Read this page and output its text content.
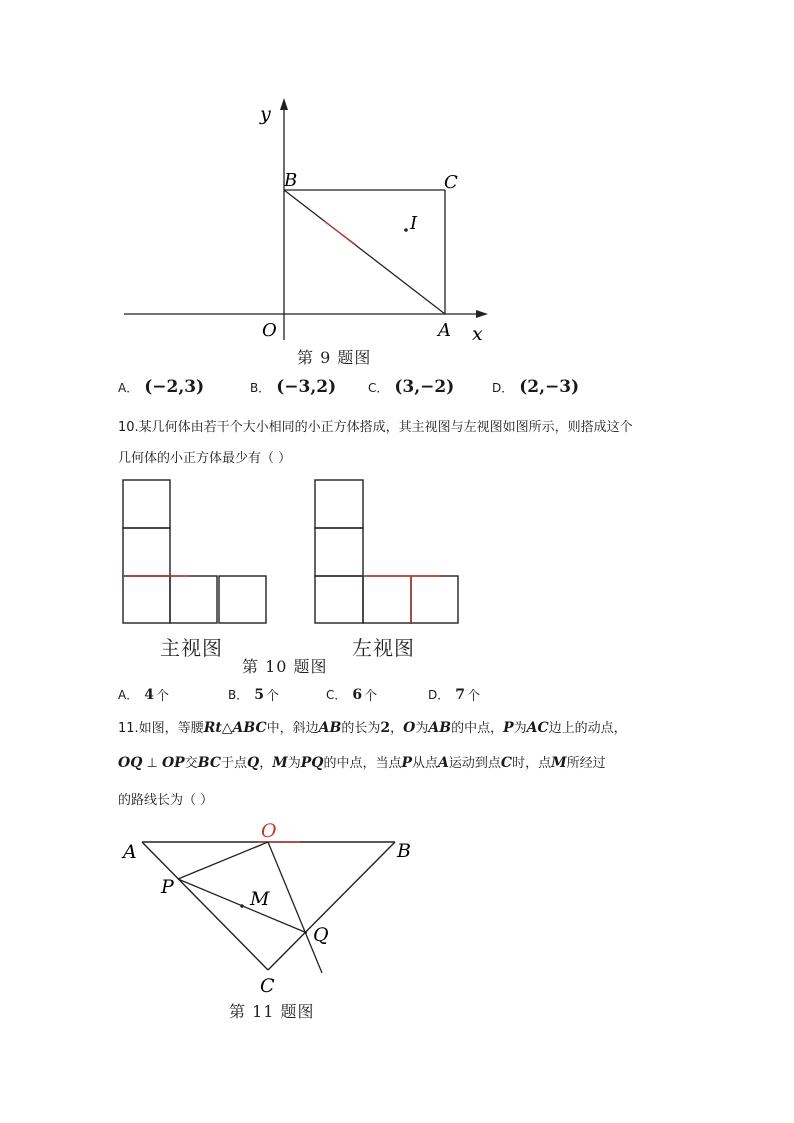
y
x
O	A
B	C
I
第 9 题图
A． (−2,3)	B． (−3,2)	C． (3,−2)	D． (2,−3)
10.某几何体由若干个大小相同的小正方体搭成，其主视图与左视图如图所示，则搭成这个
几何体的小正方体最少有（ ）
主视图	左视图
第 10 题图
A． 4 个	B． 5 个	C． 6 个	D． 7 个
11.如图，等腰Rt△ABC中，斜边AB的长为2，O为AB的中点，P为AC边上的动点，
OQ ⊥ OP交BC于点Q，M为PQ的中点，当点P从点A运动到点C时，点M所经过
的路线长为（ ）
A	B
O
P
M
Q
C
第 11 题图
